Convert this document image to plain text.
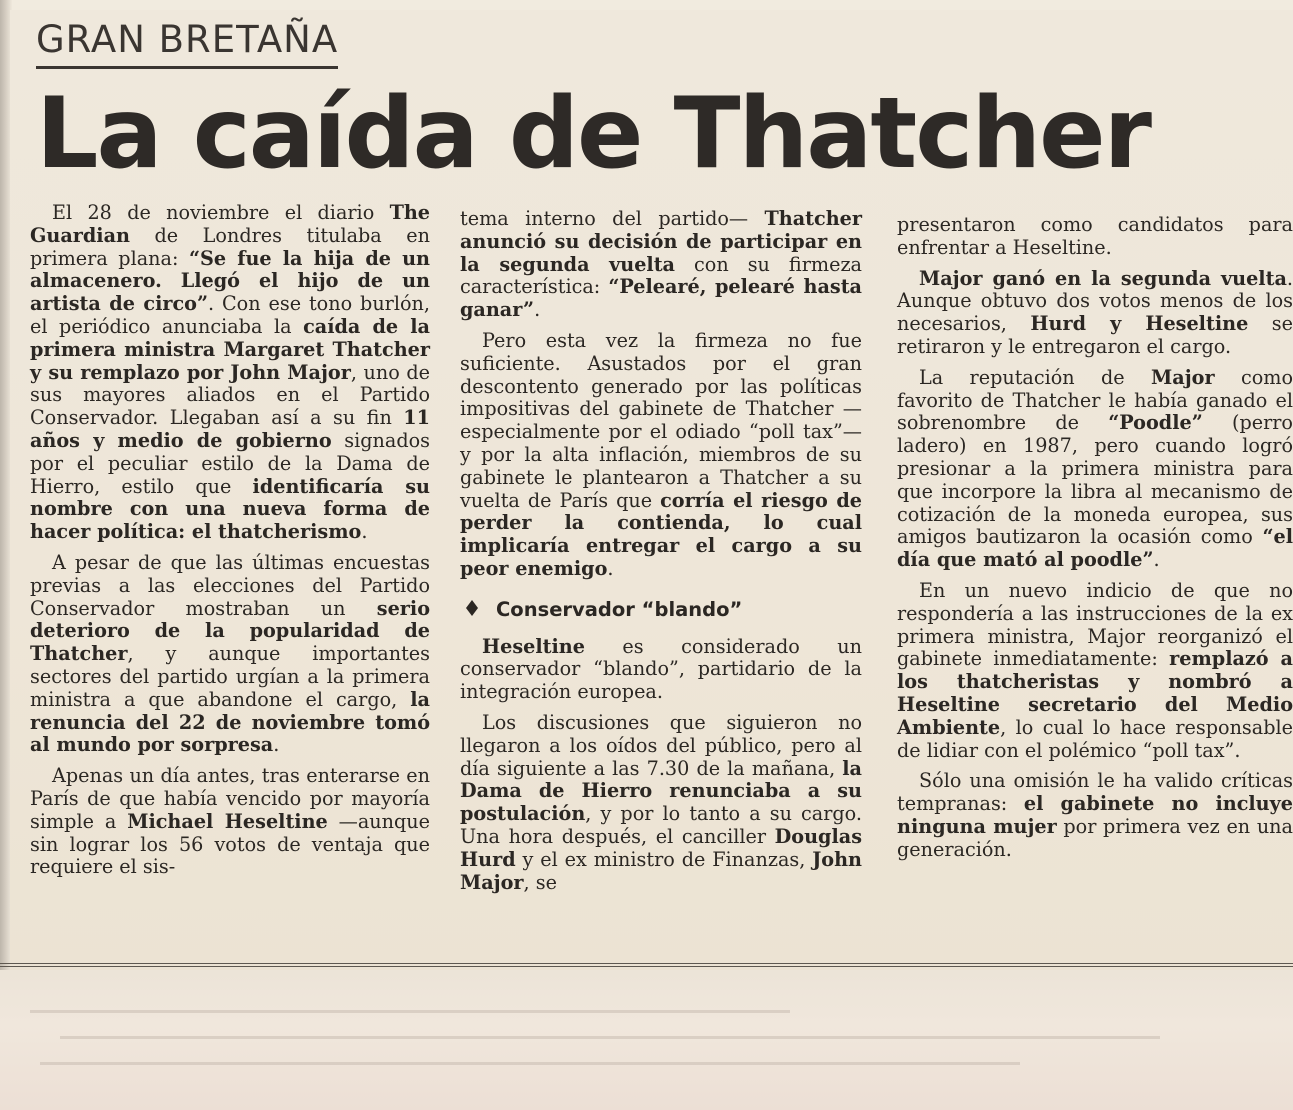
GRAN BRETAÑA
La caída de Thatcher

El 28 de noviembre el diario The Guardian de Londres titulaba en primera plana: “Se fue la hija de un almacenero. Llegó el hijo de un artista de circo”. Con ese tono burlón, el periódico anunciaba la caída de la primera ministra Margaret Thatcher y su remplazo por John Major, uno de sus mayores aliados en el Partido Conservador. Llegaban así a su fin 11 años y medio de gobierno signados por el peculiar estilo de la Dama de Hierro, estilo que identificaría su nombre con una nueva forma de hacer política: el thatcherismo.

A pesar de que las últimas encuestas previas a las elecciones del Partido Conservador mostraban un serio deterioro de la popularidad de Thatcher, y aunque importantes sectores del partido urgían a la primera ministra a que abandone el cargo, la renuncia del 22 de noviembre tomó al mundo por sorpresa.

Apenas un día antes, tras enterarse en París de que había vencido por mayoría simple a Michael Heseltine —aunque sin lograr los 56 votos de ventaja que requiere el sis-

tema interno del partido— Thatcher anunció su decisión de participar en la segunda vuelta con su firmeza característica: “Pelearé, pelearé hasta ganar”.

Pero esta vez la firmeza no fue suficiente. Asustados por el gran descontento generado por las políticas impositivas del gabinete de Thatcher —especialmente por el odiado “poll tax”— y por la alta inflación, miembros de su gabinete le plantearon a Thatcher a su vuelta de París que corría el riesgo de perder la contienda, lo cual implicaría entregar el cargo a su peor enemigo.

Conservador “blando”

Heseltine es considerado un conservador “blando”, partidario de la integración europea.

Los discusiones que siguieron no llegaron a los oídos del público, pero al día siguiente a las 7.30 de la mañana, la Dama de Hierro renunciaba a su postulación, y por lo tanto a su cargo. Una hora después, el canciller Douglas Hurd y el ex ministro de Finanzas, John Major, se

presentaron como candidatos para enfrentar a Heseltine.

Major ganó en la segunda vuelta. Aunque obtuvo dos votos menos de los necesarios, Hurd y Heseltine se retiraron y le entregaron el cargo.

La reputación de Major como favorito de Thatcher le había ganado el sobrenombre de “Poodle” (perro ladero) en 1987, pero cuando logró presionar a la primera ministra para que incorpore la libra al mecanismo de cotización de la moneda europea, sus amigos bautizaron la ocasión como “el día que mató al poodle”.

En un nuevo indicio de que no respondería a las instrucciones de la ex primera ministra, Major reorganizó el gabinete inmediatamente: remplazó a los thatcheristas y nombró a Heseltine secretario del Medio Ambiente, lo cual lo hace responsable de lidiar con el polémico “poll tax”.

Sólo una omisión le ha valido críticas tempranas: el gabinete no incluye ninguna mujer por primera vez en una generación.
